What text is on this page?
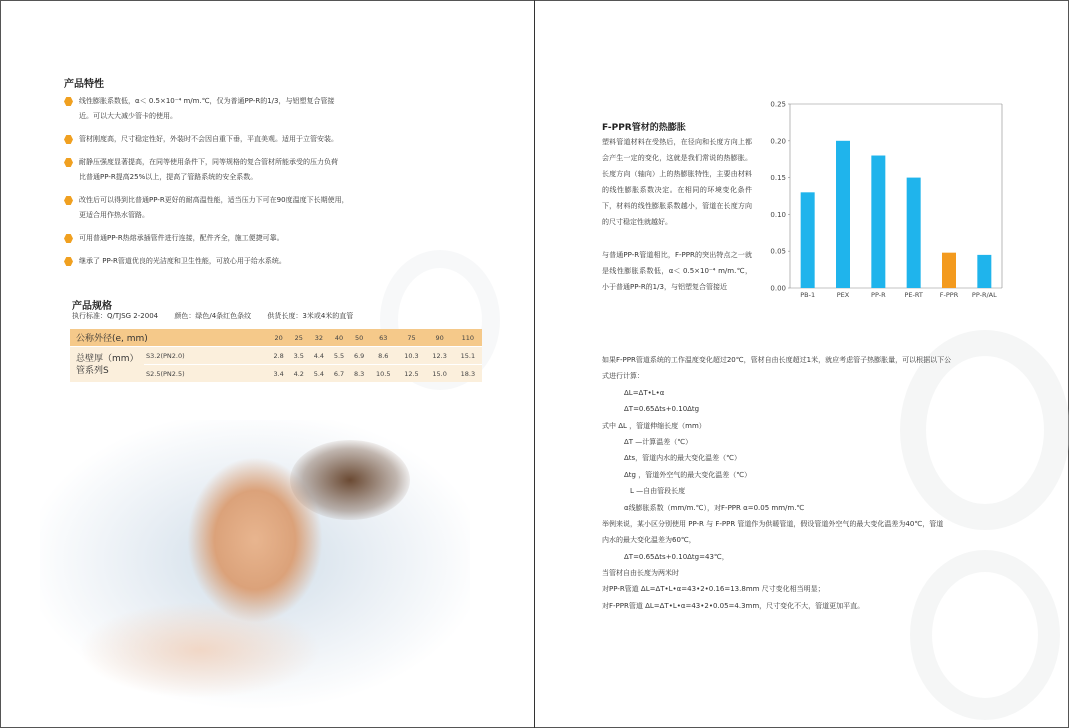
产品特性
线性膨胀系数低，α＜ 0.5×10⁻⁴ m/m.℃，仅为普通PP-R的1/3，与铝塑复合管接
近。可以大大减少管卡的使用。
管材刚度高，尺寸稳定性好，外装时不会因自重下垂，平直美观。适用于立管安装。
耐静压强度显著提高，在同等使用条件下，同等规格的复合管材所能承受的压力负荷
比普通PP-R提高25%以上，提高了管路系统的安全系数。
改性后可以得到比普通PP-R更好的耐高温性能，适当压力下可在90度温度下长期使用，
更适合用作热水管路。
可用普通PP-R热熔承插管件进行连接，配件齐全，施工便捷可靠。
继承了 PP-R管道优良的光洁度和卫生性能，可放心用于给水系统。
产品规格
执行标准：Q/TJSG 2-2004 颜色：绿色/4条红色条纹 供货长度：3米或4米的直管
公称外径(e, mm)		20	25	32	40	50	63	75	90	110

总壁厚（mm）
管系列S	S3.2(PN2.0)	2.8	3.5	4.4	5.5	6.9	8.6	10.3	12.3	15.1
	S2.5(PN2.5)	3.4	4.2	5.4	6.7	8.3	10.5	12.5	15.0	18.3
F-PPR管材的热膨胀

塑料管道材料在受热后，在径向和长度方向上都会产生一定的变化，这就是我们常说的热膨胀。长度方向（轴向）上的热膨胀特性，主要由材料的线性膨胀系数决定。在相同的环境变化条件下，材料的线性膨胀系数越小，管道在长度方向的尺寸稳定性就越好。

与普通PP-R管道相比，F-PPR的突出特点之一就是线性膨胀系数低，α＜ 0.5×10⁻⁴ m/m.℃，小于普通PP-R的1/3，与铝塑复合管接近	0.00
0.05
0.10
0.15
0.20
0.25
PB-1	PEX	PP-R	PE-RT	F-PPR PP-R/AL
如果F-PPR管道系统的工作温度变化超过20℃，管材自由长度超过1米，就应考虑管子热膨胀量，可以根据以下公
式进行计算：
ΔL=ΔT•L•α
ΔT=0.65Δts+0.10Δtg
式中 ΔL ，管道伸缩长度（mm）
ΔT —计算温差（℃）
Δts，管道内水的最大变化温差（℃）
Δtg ，管道外空气的最大变化温差（℃）
L —自由管段长度
α线膨胀系数（mm/m.℃），对F-PPR α=0.05 mm/m.℃
举例来说，某小区分别使用 PP-R 与 F-PPR 管道作为供暖管道，假设管道外空气的最大变化温差为40℃，管道
内水的最大变化温差为60℃，
ΔT=0.65Δts+0.10Δtg=43℃，
当管材自由长度为两米时
对PP-R管道 ΔL=ΔT•L•α=43•2•0.16=13.8mm 尺寸变化相当明显；
对F-PPR管道 ΔL=ΔT•L•α=43•2•0.05=4.3mm，尺寸变化不大，管道更加平直。
